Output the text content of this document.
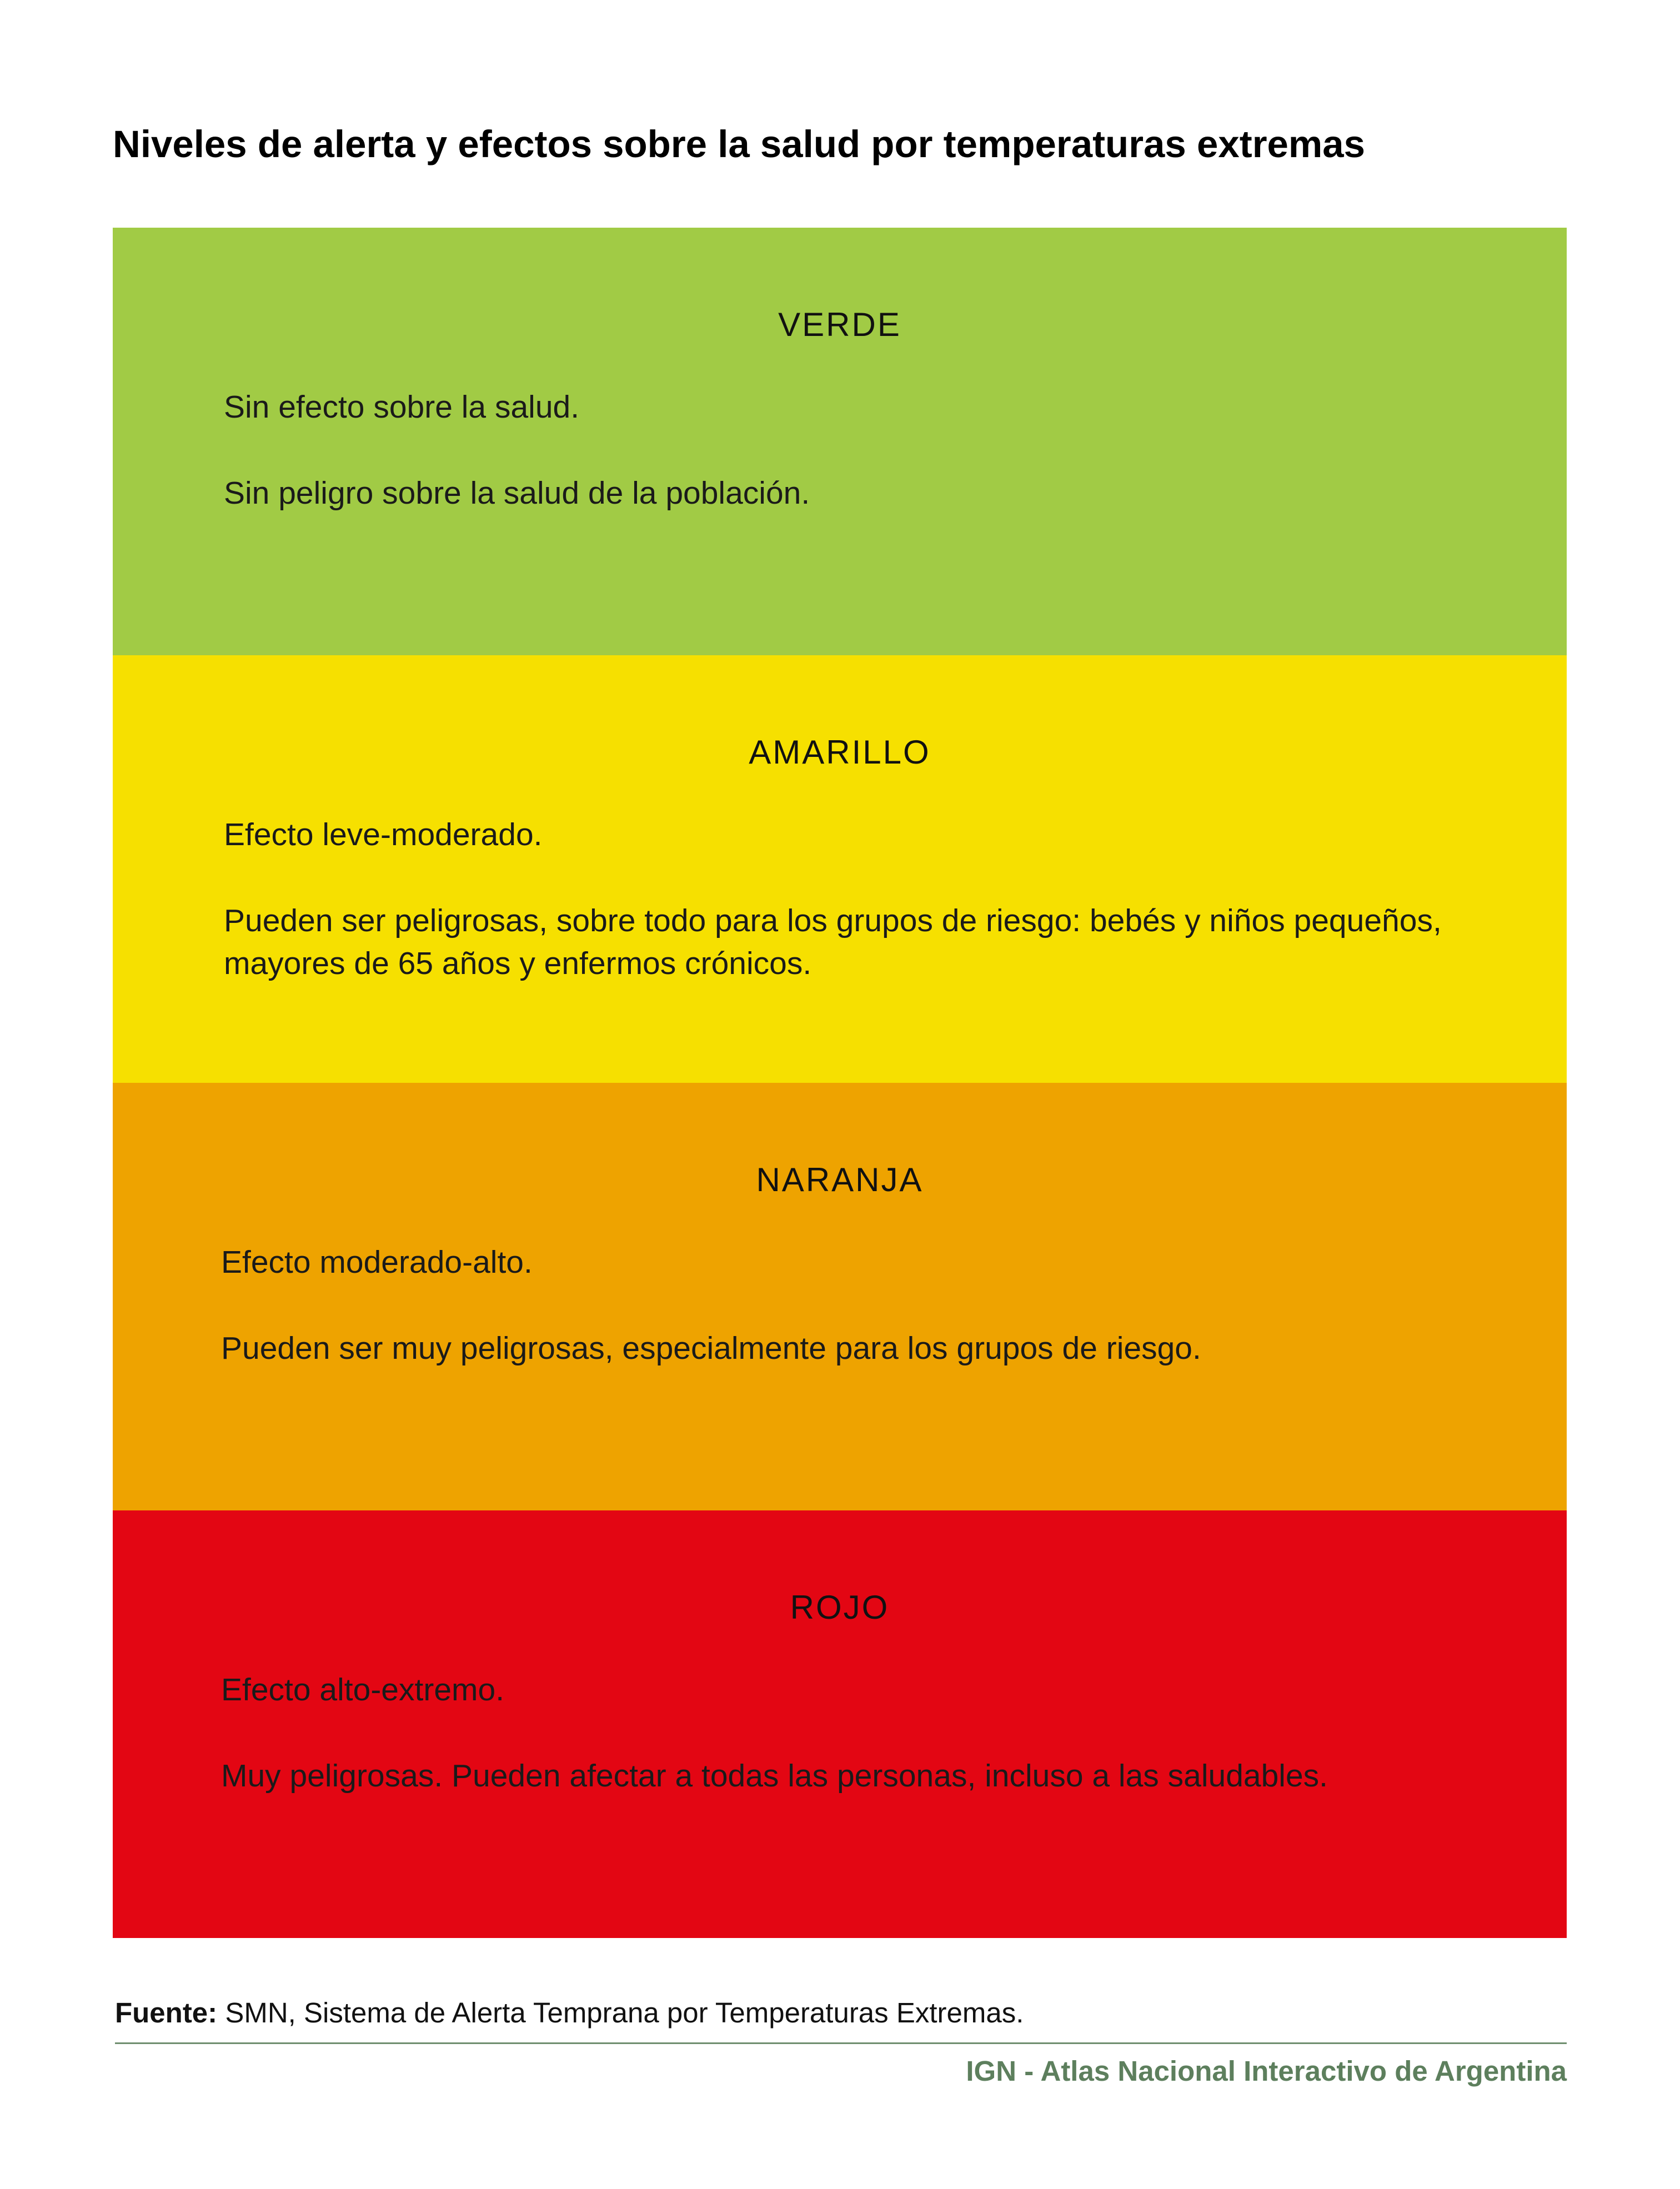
Niveles de alerta y efectos sobre la salud por temperaturas extremas
VERDE
Sin efecto sobre la salud.
Sin peligro sobre la salud de la población.
AMARILLO
Efecto leve-moderado.
Pueden ser peligrosas, sobre todo para los grupos de riesgo: bebés y niños pequeños, mayores de 65 años y enfermos crónicos.
NARANJA
Efecto moderado-alto.
Pueden ser muy peligrosas, especialmente para los grupos de riesgo.
ROJO
Efecto alto-extremo.
Muy peligrosas. Pueden afectar a todas las personas, incluso a las saludables.
Fuente: SMN, Sistema de Alerta Temprana por Temperaturas Extremas.
IGN - Atlas Nacional Interactivo de Argentina
